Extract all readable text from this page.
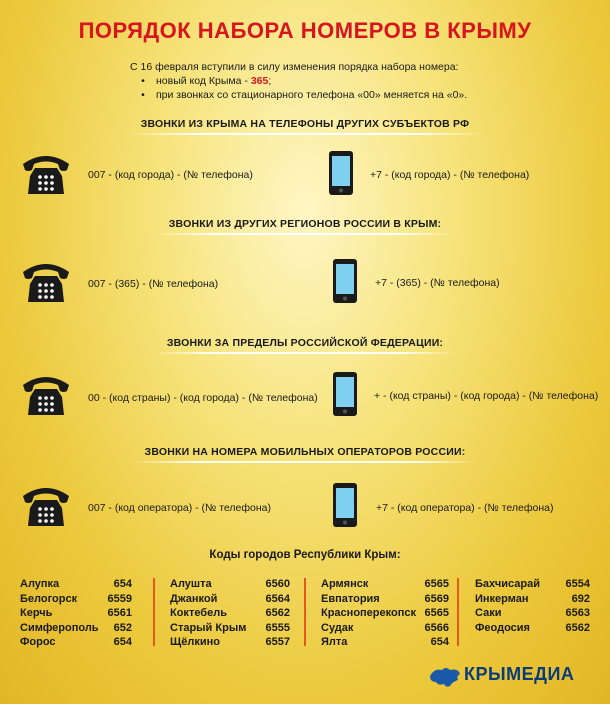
ПОРЯДОК НАБОРА НОМЕРОВ В КРЫМУ
С 16 февраля вступили в силу изменения порядка набора номера:
• новый код Крыма - 365;
• при звонках со стационарного телефона «00» меняется на «0».
ЗВОНКИ ИЗ КРЫМА НА ТЕЛЕФОНЫ ДРУГИХ СУБЪЕКТОВ РФ
007 - (код города) - (№ телефона)	+7 - (код города) - (№ телефона)
ЗВОНКИ ИЗ ДРУГИХ РЕГИОНОВ РОССИИ В КРЫМ:
007 - (365) - (№ телефона)	+7 - (365) - (№ телефона)
ЗВОНКИ ЗА ПРЕДЕЛЫ РОССИЙСКОЙ ФЕДЕРАЦИИ:
00 - (код страны) - (код города) - (№ телефона)	+ - (код страны) - (код города) - (№ телефона)
ЗВОНКИ НА НОМЕРА МОБИЛЬНЫХ ОПЕРАТОРОВ РОССИИ:
007 - (код оператора) - (№ телефона)	+7 - (код оператора) - (№ телефона)
Коды городов Республики Крым:
Алупка	654
Белогорск	6559
Керчь	6561
Симферополь 652
Форос	654
Алушта	6560
Джанкой	6564
Коктебель	6562
Старый Крым 6555
Щёлкино	6557
Армянск	6565
Евпатория	6569
Красноперекопск 6565
Судак	6566
Ялта	654
Бахчисарай 6554
Инкерман	692
Саки	6563
Феодосия	6562
КРЫМЕДИА
